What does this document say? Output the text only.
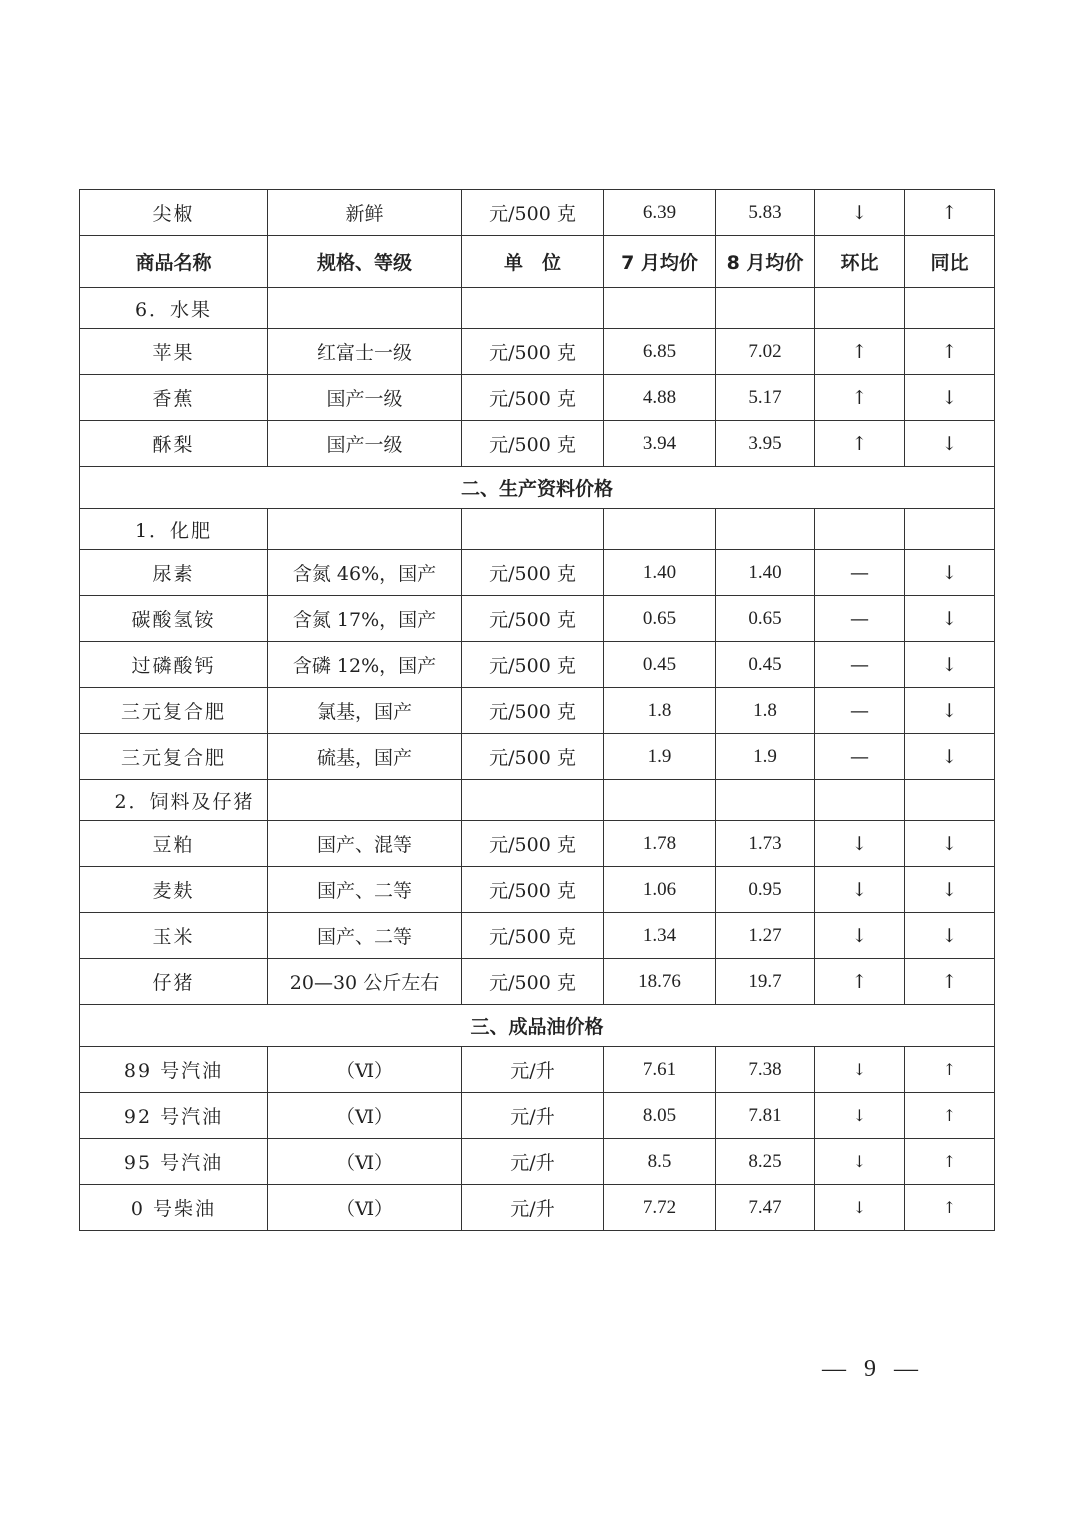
尖椒	新鲜	元/500 克	6.39	5.83	↓	↑
商品名称	规格、等级	单　位	7 月均价	8 月均价	环比	同比
6．水果						
苹果	红富士一级	元/500 克	6.85	7.02	↑	↑
香蕉	国产一级	元/500 克	4.88	5.17	↑	↓
酥梨	国产一级	元/500 克	3.94	3.95	↑	↓
二、生产资料价格						
1．化肥						
尿素	含氮 46%，国产	元/500 克	1.40	1.40	—	↓
碳酸氢铵	含氮 17%，国产	元/500 克	0.65	0.65	—	↓
过磷酸钙	含磷 12%，国产	元/500 克	0.45	0.45	—	↓
三元复合肥	氯基，国产	元/500 克	1.8	1.8	—	↓
三元复合肥	硫基，国产	元/500 克	1.9	1.9	—	↓
2．饲料及仔猪						
豆粕	国产、混等	元/500 克	1.78	1.73	↓	↓
麦麸	国产、二等	元/500 克	1.06	0.95	↓	↓
玉米	国产、二等	元/500 克	1.34	1.27	↓	↓
仔猪	20—30 公斤左右	元/500 克	18.76	19.7	↑	↑
三、成品油价格						
89 号汽油	（Ⅵ）	元/升	7.61	7.38	↓	↑
92 号汽油	（Ⅵ）	元/升	8.05	7.81	↓	↑
95 号汽油	（Ⅵ）	元/升	8.5	8.25	↓	↑
0 号柴油	（Ⅵ）	元/升	7.72	7.47	↓	↑
— 9 —
